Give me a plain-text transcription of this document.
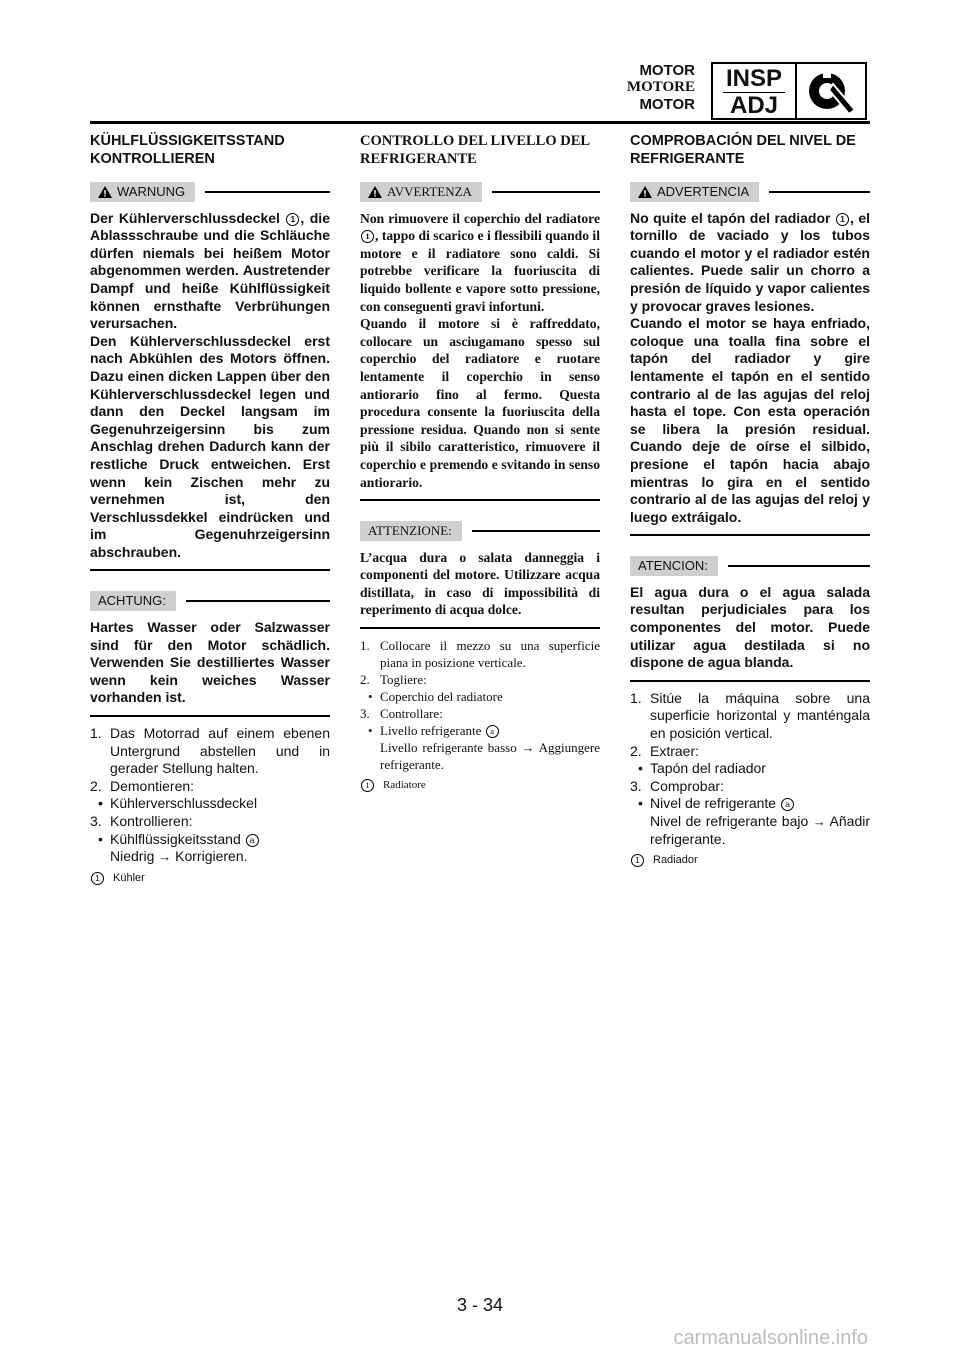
MOTOR
MOTORE
MOTOR
INSP
ADJ
KÜHLFLÜSSIGKEITSSTAND KONTROLLIEREN
WARNUNG

Der Kühlerverschlussdeckel 1 , die Ablassschraube und die Schläuche dürfen niemals bei heißem Motor abgenommen werden. Austretender Dampf und heiße Kühlflüssigkeit können ernsthafte Verbrühungen verursachen.

Den Kühlerverschlussdeckel erst nach Abkühlen des Motors öffnen. Dazu einen dicken Lappen über den Kühlerverschlussdeckel legen und dann den Deckel langsam im Gegenuhrzeigersinn bis zum Anschlag drehen Dadurch kann der restliche Druck entweichen. Erst wenn kein Zischen mehr zu vernehmen ist, den Verschlussdekkel eindrücken und im Gegenuhrzeigersinn abschrauben.

ACHTUNG:

Hartes Wasser oder Salzwasser sind für den Motor schädlich. Verwenden Sie destilliertes Wasser wenn kein weiches Wasser vorhanden ist.

1. Das Motorrad auf einem ebenen Untergrund abstellen und in gerader Stellung halten.
2. Demontieren:
• Kühlerverschlussdeckel
3. Kontrollieren:
• Kühlflüssigkeitsstand a
Niedrig → Korrigieren.
1	Kühler
CONTROLLO DEL LIVELLO DEL REFRIGERANTE
AVVERTENZA

Non rimuovere il coperchio del radiatore 1 , tappo di scarico e i flessibili quando il motore e il radiatore sono caldi. Si potrebbe verificare la fuoriuscita di liquido bollente e vapore sotto pressione, con conseguenti gravi infortuni.

Quando il motore si è raffreddato, collocare un asciugamano spesso sul coperchio del radiatore e ruotare lentamente il coperchio in senso antiorario fino al fermo. Questa procedura consente la fuoriuscita della pressione residua. Quando non si sente più il sibilo caratteristico, rimuovere il coperchio e premendo e svitando in senso antiorario.

ATTENZIONE:

L’acqua dura o salata danneggia i componenti del motore. Utilizzare acqua distillata, in caso di impossibilità di reperimento di acqua dolce.

1. Collocare il mezzo su una superficie piana in posizione verticale.
2. Togliere:
• Coperchio del radiatore
3. Controllare:
• Livello refrigerante a
Livello refrigerante basso → Aggiungere refrigerante.
1	Radiatore
COMPROBACIÓN DEL NIVEL DE REFRIGERANTE
ADVERTENCIA

No quite el tapón del radiador 1 , el tornillo de vaciado y los tubos cuando el motor y el radiador estén calientes. Puede salir un chorro a presión de líquido y vapor calientes y provocar graves lesiones.

Cuando el motor se haya enfriado, coloque una toalla fina sobre el tapón del radiador y gire lentamente el tapón en el sentido contrario al de las agujas del reloj hasta el tope. Con esta operación se libera la presión residual. Cuando deje de oírse el silbido, presione el tapón hacia abajo mientras lo gira en el sentido contrario al de las agujas del reloj y luego extráigalo.

ATENCION:

El agua dura o el agua salada resultan perjudiciales para los componentes del motor. Puede utilizar agua destilada si no dispone de agua blanda.

1. Sitúe la máquina sobre una superficie horizontal y manténgala en posición vertical.
2. Extraer:
• Tapón del radiador
3. Comprobar:
• Nivel de refrigerante a
Nivel de refrigerante bajo → Añadir refrigerante.
1	Radiador
3 - 34
carmanualsonline.info
